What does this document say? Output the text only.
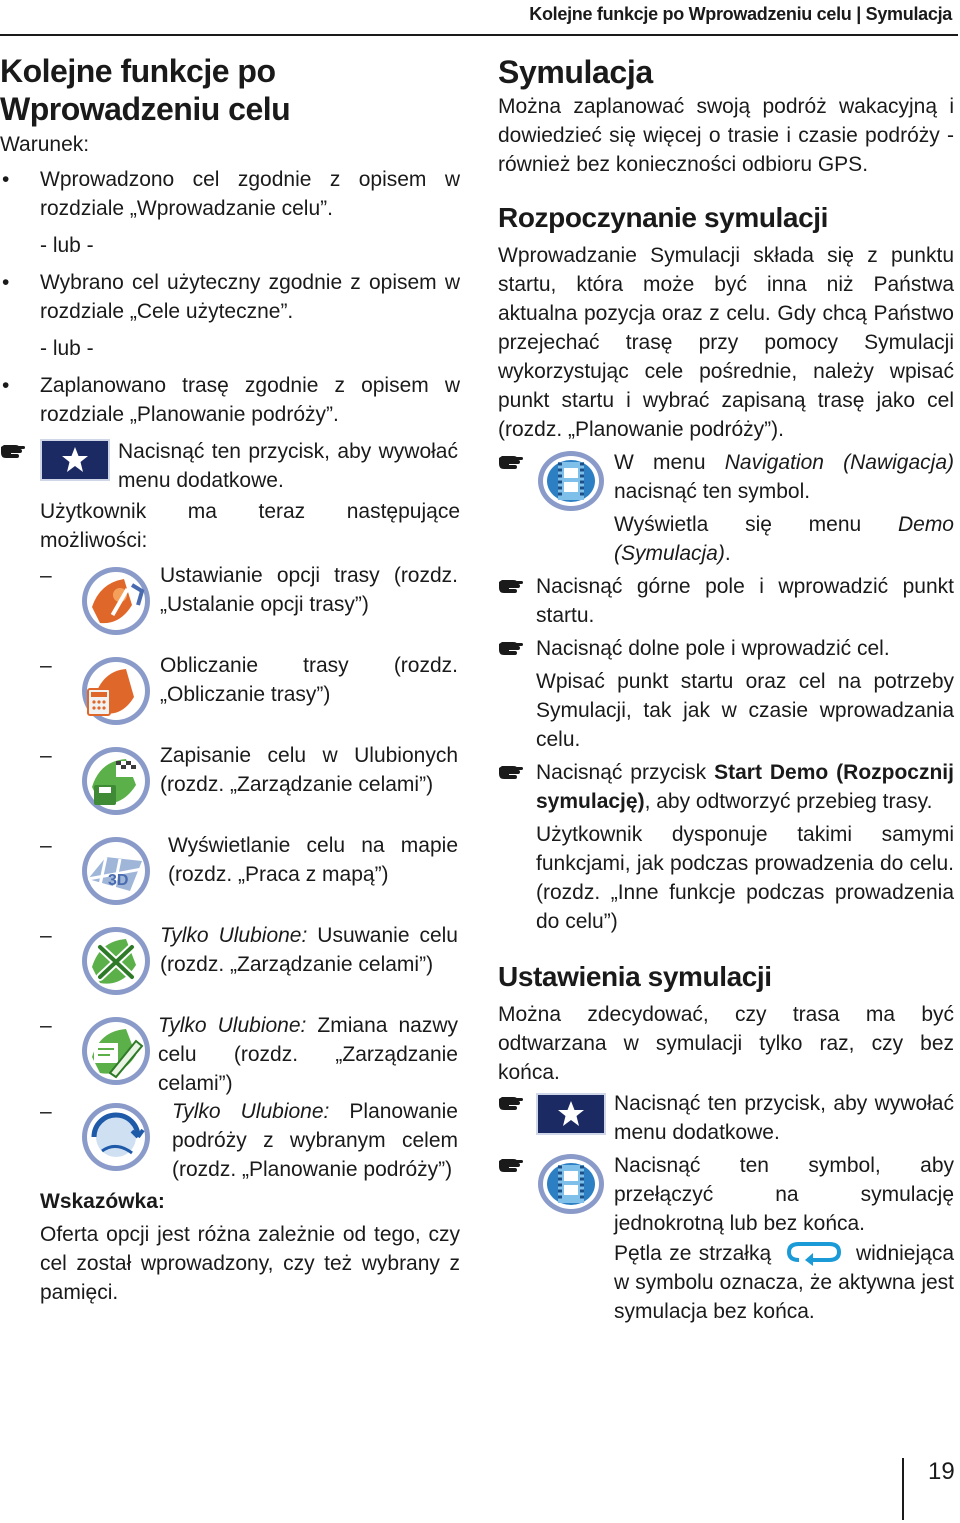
Kolejne funkcje po Wprowadzeniu celu | Symulacja
Kolejne funkcje po
Wprowadzeniu celu
Warunek:
• Wprowadzono cel zgodnie z opisem w rozdziale „Wprowadzanie celu”.
- lub -
• Wybrano cel użyteczny zgodnie z opisem w rozdziale „Cele użyteczne”.
- lub -
• Zaplanowano trasę zgodnie z opisem w rozdziale „Planowanie podróży”.
Nacisnąć ten przycisk, aby wywołać menu dodatkowe.
Użytkownik ma teraz następujące możliwości:
–	Ustawianie opcji trasy (rozdz. „Ustalanie opcji trasy”)
–	Obliczanie trasy (rozdz. „Obliczanie trasy”)
–	Zapisanie celu w Ulubionych (rozdz. „Zarządzanie celami”)
–
3D
Wyświetlanie celu na mapie (rozdz. „Praca z mapą”)
–	Tylko Ulubione: Usuwanie celu (rozdz. „Zarządzanie celami”)
–	Tylko Ulubione: Zmiana nazwy celu (rozdz. „Zarządzanie celami”)
–	Tylko Ulubione: Planowanie podróży z wybranym celem (rozdz. „Planowanie podróży”)
Wskazówka:
Oferta opcji jest różna zależnie od tego, czy cel został wprowadzony, czy też wybrany z pamięci.
Symulacja
Można zaplanować swoją podróż wakacyjną i dowiedzieć się więcej o trasie i czasie podróży - również bez konieczności odbioru GPS.
Rozpoczynanie symulacji
Wprowadzanie Symulacji składa się z punktu startu, która może być inna niż Państwa aktualna pozycja oraz z celu. Gdy chcą Państwo przejechać trasę przy pomocy Symulacji wykorzystując cele pośrednie, należy wpisać punkt startu i wybrać zapisaną trasę jako cel (rozdz. „Planowanie podróży”).
W menu Navigation (Nawigacja) nacisnąć ten symbol.
Wyświetla się menu Demo (Symulacja).
Nacisnąć górne pole i wprowadzić punkt startu.
Nacisnąć dolne pole i wprowadzić cel.
Wpisać punkt startu oraz cel na potrzeby Symulacji, tak jak w czasie wprowadzania celu.
Nacisnąć przycisk Start Demo (Rozpocznij symulację), aby odtworzyć przebieg trasy.
Użytkownik dysponuje takimi samymi funkcjami, jak podczas prowadzenia do celu. (rozdz. „Inne funkcje podczas prowadzenia do celu”)
Ustawienia symulacji
Można zdecydować, czy trasa ma być odtwarzana w symulacji tylko raz, czy bez końca.
Nacisnąć ten przycisk, aby wywołać menu dodatkowe.
Nacisnąć ten symbol, aby przełączyć na symulację jednokrotną lub bez końca.
Pętla ze strzałką	widniejąca w symbolu oznacza, że aktywna jest symulacja bez końca.
19
